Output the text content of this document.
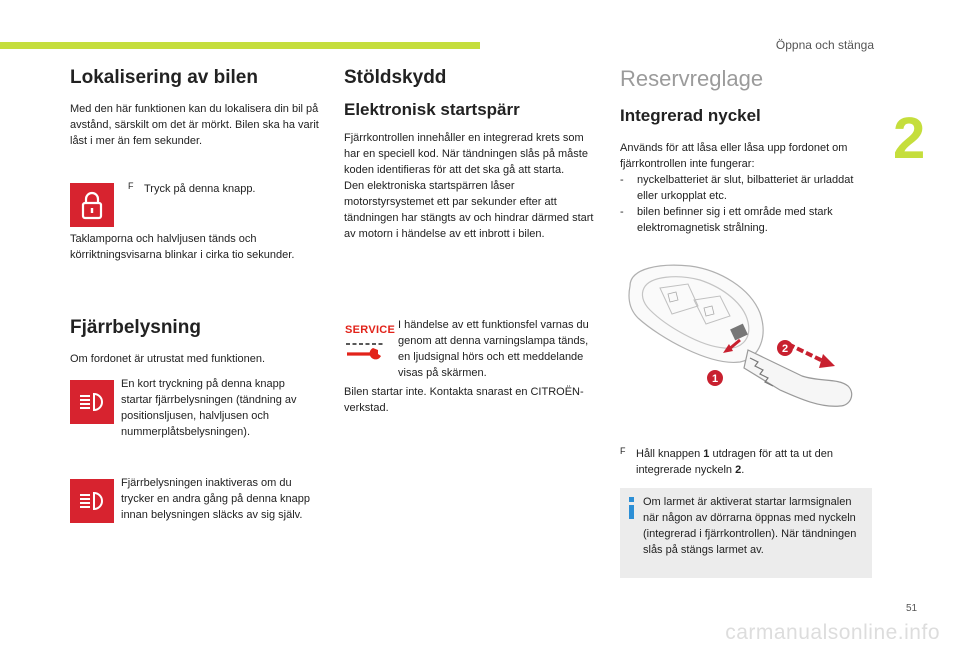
Öppna och stänga
2
Lokalisering av bilen

Med den här funktionen kan du lokalisera din bil på avstånd, särskilt om det är mörkt. Bilen ska ha varit låst i mer än fem sekunder.

F Tryck på denna knapp.

Taklamporna och halvljusen tänds och körriktningsvisarna blinkar i cirka tio sekunder.

Fjärrbelysning

Om fordonet är utrustat med funktionen.

En kort tryckning på denna knapp startar fjärrbelysningen (tändning av positionsljusen, halvljusen och nummerplåtsbelysningen).

Fjärrbelysningen inaktiveras om du trycker en andra gång på denna knapp innan belysningen släcks av sig själv.

Stöldskydd
Elektronisk startspärr

Fjärrkontrollen innehåller en integrerad krets som har en speciell kod. När tändningen slås på måste koden identifieras för att det ska gå att starta.

Den elektroniska startspärren låser motorstyrsystemet ett par sekunder efter att tändningen har stängts av och hindrar därmed start av motorn i händelse av ett inbrott i bilen.

SERVICE I händelse av ett funktionsfel varnas du genom att denna varningslampa tänds, en ljudsignal hörs och ett meddelande visas på skärmen.

Bilen startar inte. Kontakta snarast en CITROËN-verkstad.

Reservreglage
Integrerad nyckel

Används för att låsa eller låsa upp fordonet om fjärrkontrollen inte fungerar:

- nyckelbatteriet är slut, bilbatteriet är urladdat eller urkopplat etc.

- bilen befinner sig i ett område med stark elektromagnetisk strålning.

2
1
F Håll knappen 1 utdragen för att ta ut den integrerade nyckeln 2.

Om larmet är aktiverat startar larmsignalen när någon av dörrarna öppnas med nyckeln (integrerad i fjärrkontrollen). När tändningen slås på stängs larmet av.

51
carmanualsonline.info
